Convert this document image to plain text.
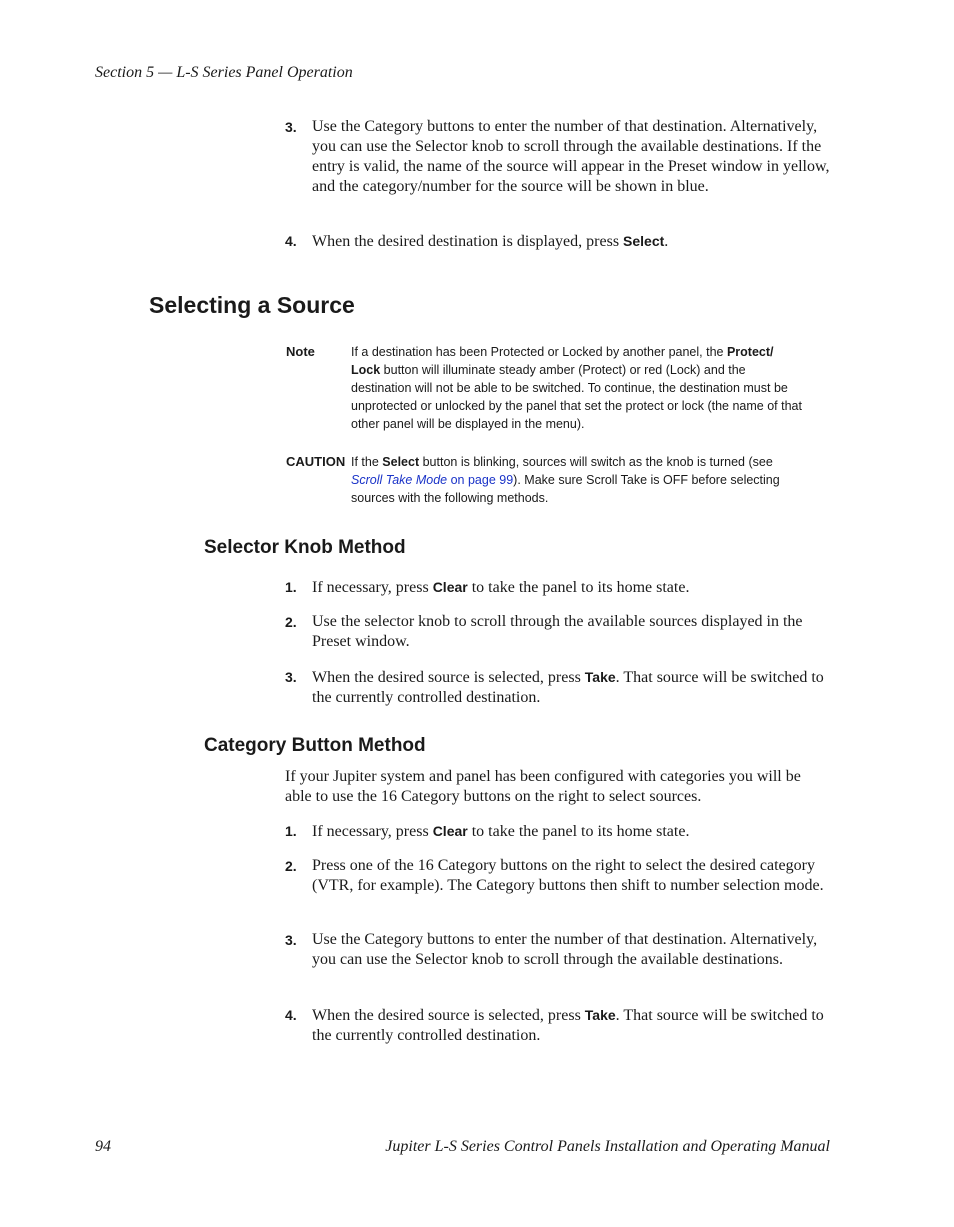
Section 5 — L-S Series Panel Operation
3. Use the Category buttons to enter the number of that destination. Alternatively, you can use the Selector knob to scroll through the available destinations. If the entry is valid, the name of the source will appear in the Preset window in yellow, and the category/number for the source will be shown in blue.
4. When the desired destination is displayed, press Select.
Selecting a Source
Note	If a destination has been Protected or Locked by another panel, the Protect/ Lock button will illuminate steady amber (Protect) or red (Lock) and the destination will not be able to be switched. To continue, the destination must be unprotected or unlocked by the panel that set the protect or lock (the name of that other panel will be displayed in the menu).
CAUTION If the Select button is blinking, sources will switch as the knob is turned (see Scroll Take Mode on page 99). Make sure Scroll Take is OFF before selecting sources with the following methods.
Selector Knob Method
1. If necessary, press Clear to take the panel to its home state.
2. Use the selector knob to scroll through the available sources displayed in the Preset window.
3. When the desired source is selected, press Take. That source will be switched to the currently controlled destination.
Category Button Method
If your Jupiter system and panel has been configured with categories you will be able to use the 16 Category buttons on the right to select sources.
1. If necessary, press Clear to take the panel to its home state.
2. Press one of the 16 Category buttons on the right to select the desired category (VTR, for example). The Category buttons then shift to number selection mode.
3. Use the Category buttons to enter the number of that destination. Alternatively, you can use the Selector knob to scroll through the available destinations.
4. When the desired source is selected, press Take. That source will be switched to the currently controlled destination.
94	Jupiter L-S Series Control Panels Installation and Operating Manual
